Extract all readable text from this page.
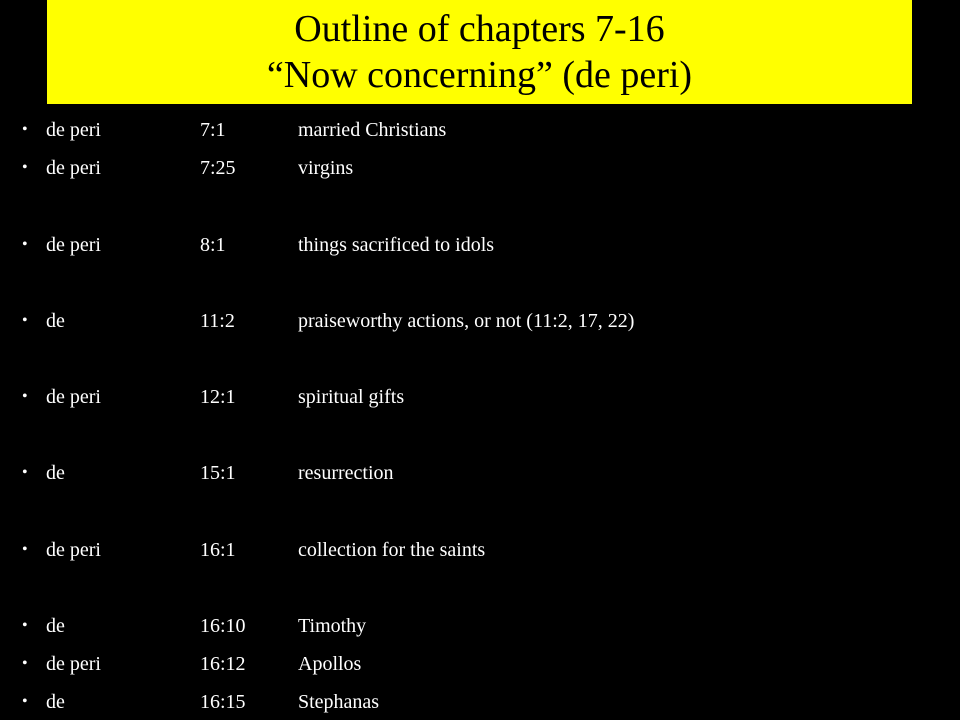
Outline of chapters 7-16
“Now concerning” (de peri)
• de peri	7:1	married Christians
• de peri	7:25	virgins
• de peri	8:1	things sacrificed to idols
• de	11:2	praiseworthy actions, or not (11:2, 17, 22)
• de peri	12:1	spiritual gifts
• de	15:1	resurrection
• de peri	16:1	collection for the saints
• de	16:10	Timothy
• de peri	16:12	Apollos
• de	16:15	Stephanas
